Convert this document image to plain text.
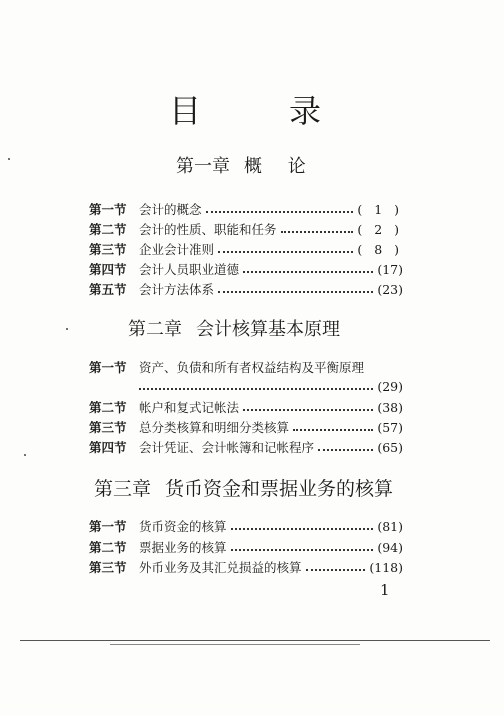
目　录
第一章 概 论
第一节 会计的概念	( 1 )
第二节 会计的性质、职能和任务	( 2 )
第三节 企业会计准则	( 8 )
第四节 会计人员职业道德	(17)
第五节 会计方法体系	(23)
第二章 会计核算基本原理
第一节 资产、负债和所有者权益结构及平衡原理
(29)
第二节 帐户和复式记帐法	(38)
第三节 总分类核算和明细分类核算	(57)
第四节 会计凭证、会计帐簿和记帐程序	(65)
第三章 货币资金和票据业务的核算
第一节 货币资金的核算	(81)
第二节 票据业务的核算	(94)
第三节 外币业务及其汇兑损益的核算	(118)
1
